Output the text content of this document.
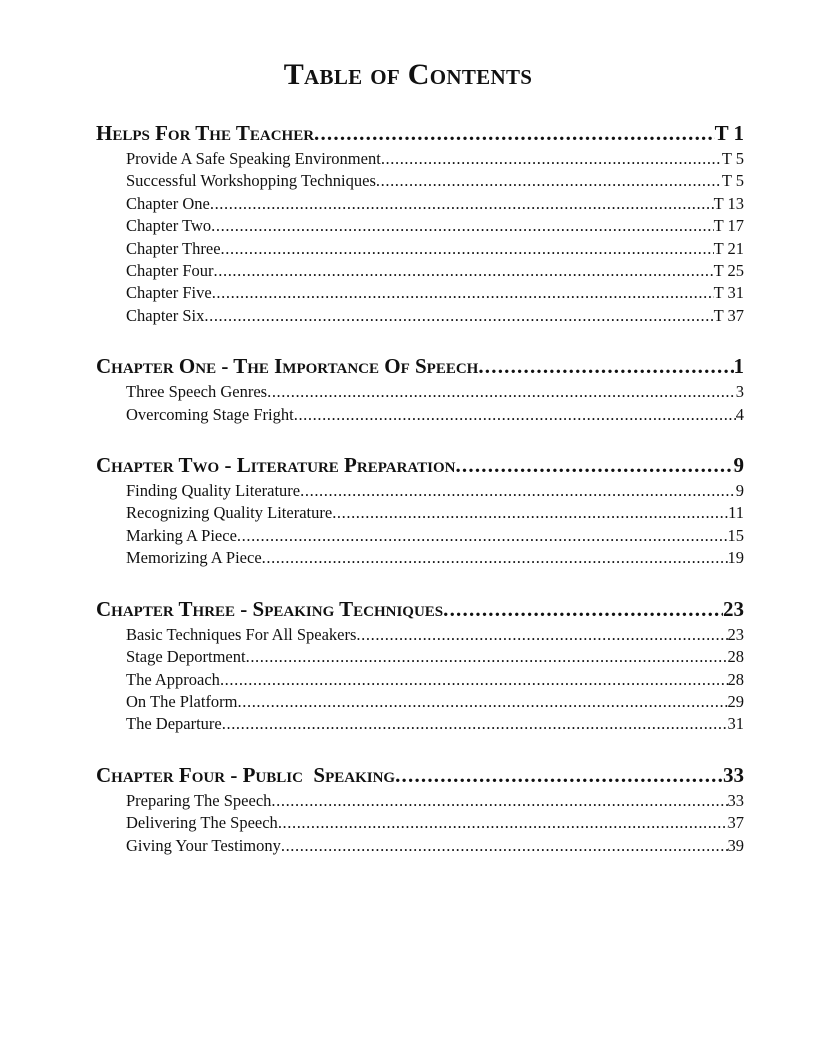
Table of Contents
Helps For The Teacher .....	T 1
Provide A Safe Speaking Environment .....	T 5
Successful Workshopping Techniques .....	T 5
Chapter One .....	T 13
Chapter Two .....	T 17
Chapter Three .....	T 21
Chapter Four .....	T 25
Chapter Five .....	T 31
Chapter Six .....	T 37
Chapter One - The Importance Of Speech .....	1
Three Speech Genres .....	3
Overcoming Stage Fright .....	4
Chapter Two - Literature Preparation .....	9
Finding Quality Literature .....	9
Recognizing Quality Literature .....	11
Marking A Piece .....	15
Memorizing A Piece .....	19
Chapter Three - Speaking Techniques .....	23
Basic Techniques For All Speakers .....	23
Stage Deportment .....	28
The Approach .....	28
On The Platform .....	29
The Departure .....	31
Chapter Four - Public  Speaking .....	33
Preparing The Speech .....	33
Delivering The Speech .....	37
Giving Your Testimony .....	39
